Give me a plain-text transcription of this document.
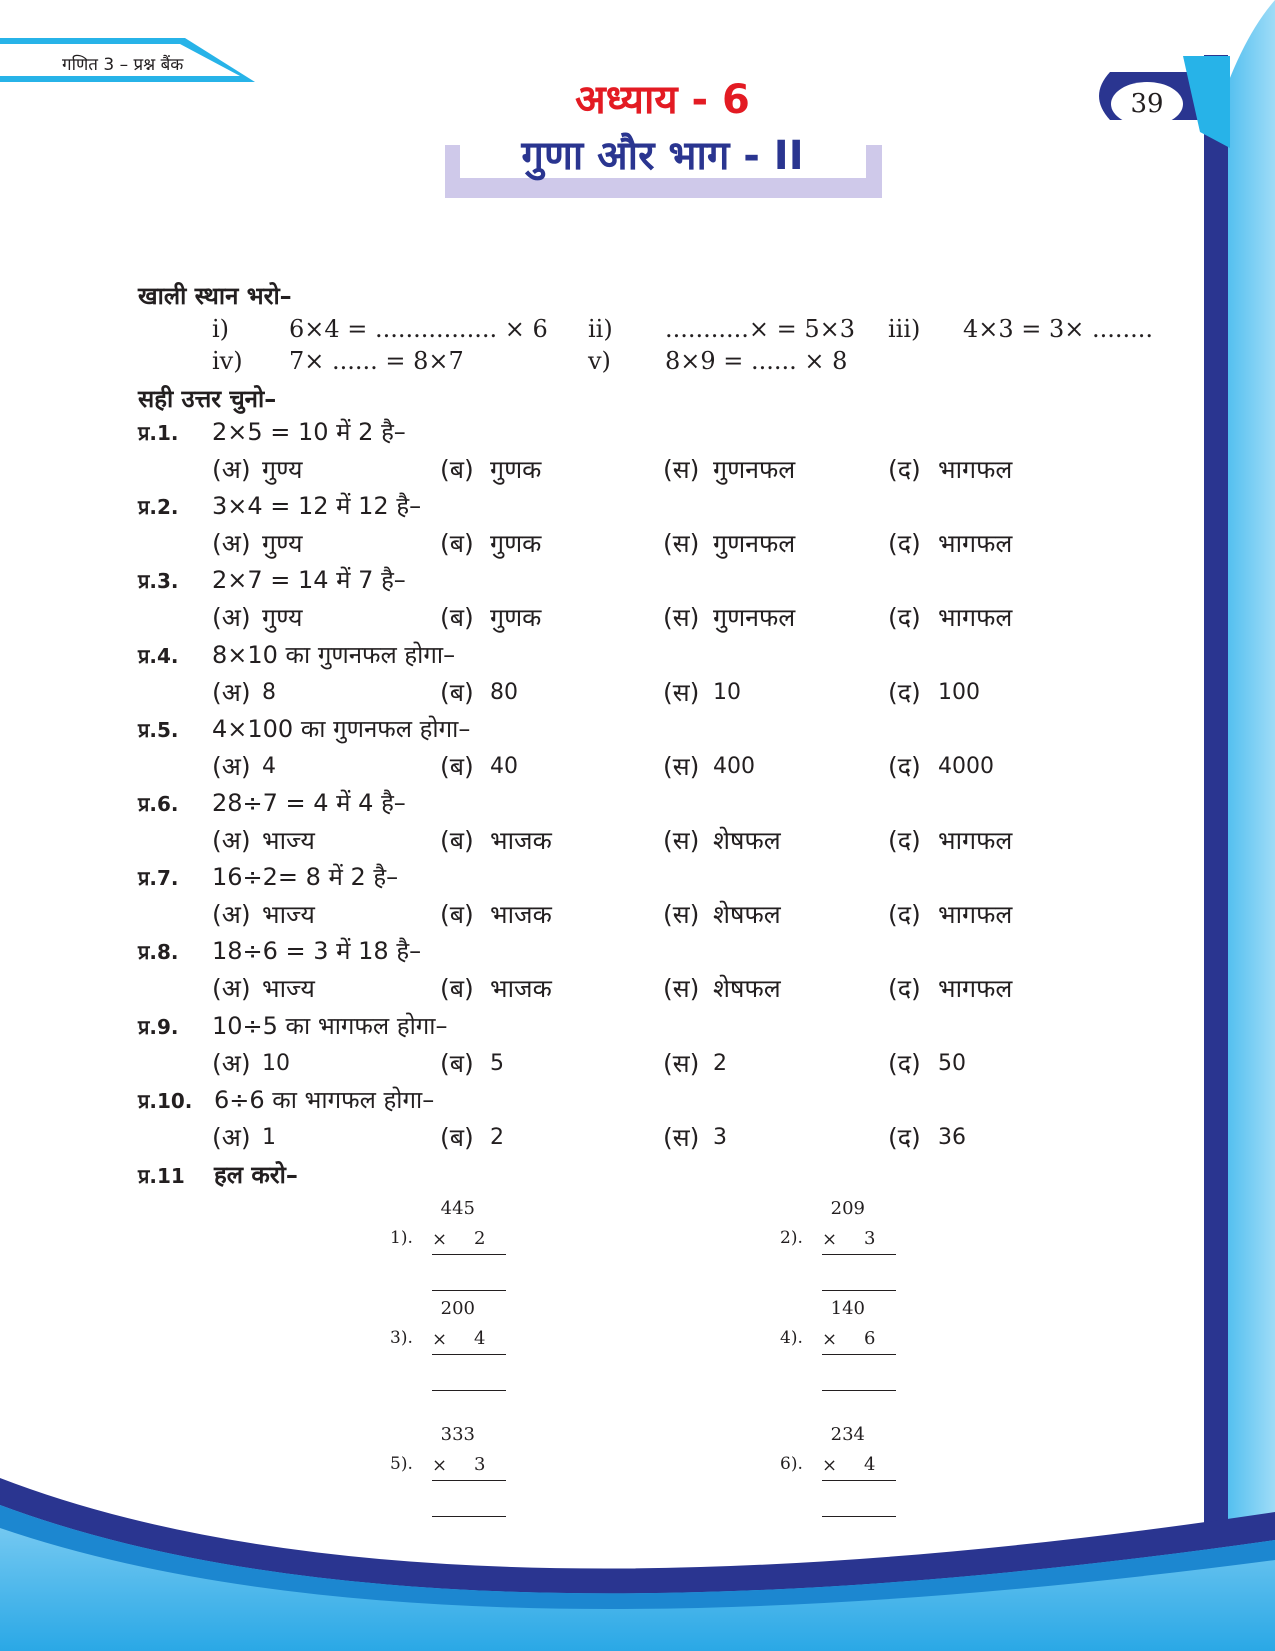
गणित 3 – प्रश्न बैंक
39
अध्याय - 6
गुणा और भाग - II
खाली स्थान भरो–
i) 6×4 = ................ × 6 ii) ...........× = 5×3 iii) 4×3 = 3× ........
iv) 7× ...... = 8×7	v) 8×9 = ...... × 8
सही उत्तर चुनो–
प्र.1. 2×5 = 10 में 2 है–
(अ) गुण्य	(ब) गुणक	(स) गुणनफल	(द) भागफल
प्र.2. 3×4 = 12 में 12 है–
(अ) गुण्य	(ब) गुणक	(स) गुणनफल	(द) भागफल
प्र.3. 2×7 = 14 में 7 है–
(अ) गुण्य	(ब) गुणक	(स) गुणनफल	(द) भागफल
प्र.4. 8×10 का गुणनफल होगा–
(अ) 8	(ब) 80	(स) 10	(द) 100
प्र.5. 4×100 का गुणनफल होगा–
(अ) 4	(ब) 40	(स) 400	(द) 4000
प्र.6. 28÷7 = 4 में 4 है–
(अ) भाज्य	(ब) भाजक	(स) शेषफल	(द) भागफल
प्र.7. 16÷2= 8 में 2 है–
(अ) भाज्य	(ब) भाजक	(स) शेषफल	(द) भागफल
प्र.8. 18÷6 = 3 में 18 है–
(अ) भाज्य	(ब) भाजक	(स) शेषफल	(द) भागफल
प्र.9. 10÷5 का भागफल होगा–
(अ) 10	(ब) 5	(स) 2	(द) 50
प्र.10. 6÷6 का भागफल होगा–
(अ) 1	(ब) 2	(स) 3	(द) 36
प्र.11 हल करो–
1).
445
× 2	2).
209
× 3
3).
200
× 4	4).
140
× 6
5).
333
× 3	6).
234
× 4
